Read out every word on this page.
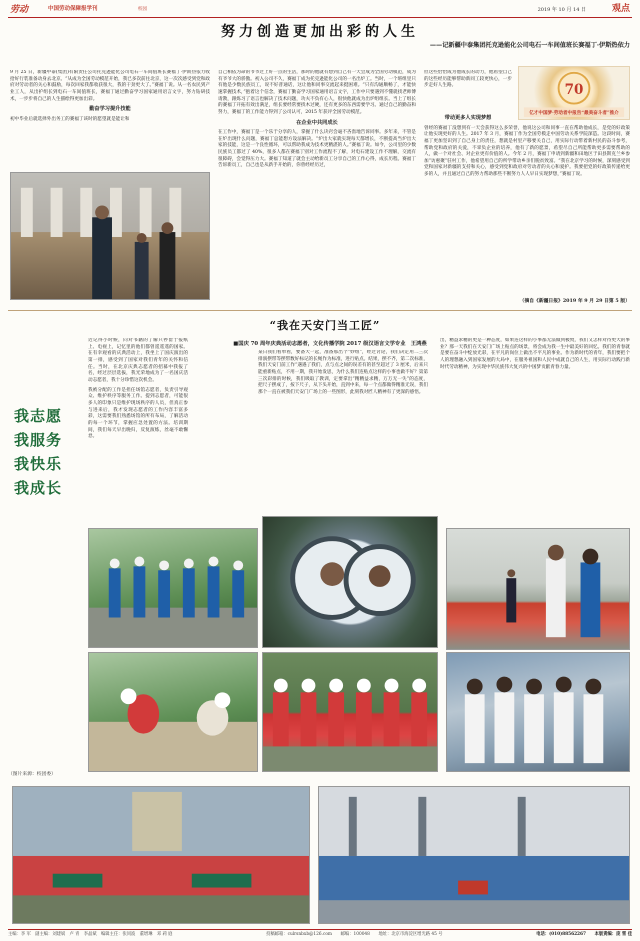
劳动	中国劳动保障报学刊	校园	2019 年 10 月 14 日	观点
努力创造更加出彩的人生
——记新疆中泰集团托克逊能化公司电石一车间值班长赛福丁·伊斯热依力

9 月 25 日，新疆中泰(集团)有限责任公司托克逊能化公司电石一车间值班长赛福丁·伊斯热依力收拾好行装准备动身去北京。“从成为全国劳动模范开始，我已多次前往北京，这一次次感受到党和政府对劳动者的关心和鼓励，每次回家我都收获很大，我的干劲更大了。”赛福丁说。从一名农民到产业工人，从出护组长到电石一车间值班长，赛福丁通过勤奋学习国家通用语言文字，努力钻研技术，一步步将自己的人生描绘得更加出彩。

勤奋学习提升技能

初中毕业后就选择外出务工的赛福丁该时的愿望就是能让和

自己相依为命的爷爷过上好一点的生活，那时的他就有想到自己有一天会成为全国劳动模范，成为有爷爷大的骄傲。初入公司不久，赛福丁成为托克逊能化公司的一名出炉工。当时，一个班组里只有他是少数民族员工，说不好普通话，这让他和同事交流起来挺困难。“只有沟通顺畅了，才能快速掌握技术，”抱着这个信念，赛福丁勤奋学习国家通用语言文字，工作中只要遇到不懂就找老师傅请教，跟炼习了语言也解决了技术问题，功夫不负有心人，很快他就成为出炉组组长。当上了组长的赛福丁开拓有效出满足，组长要经常要找木过硬，还有更多的东西需要学习。通过自己的勤奋和努力，赛福丁的工作能力得到了公司认可，2015 年获评全国劳动模范。

在企业中共同成长

在工作中，赛福丁是一个乐于分享的人，掌握了什么诀窍会毫不吝啬地告诉同事。多年来，不管是在炉出现什么问题，赛福丁总能想方设法解决。“炉出大家就实现每天都增长，不断提高当炉出大家的技能，这是一个良性循环，可以帮助我成为技术更精湛的人。”赛福丁说。如今，公司里的少数民族员工都过了 40%，很多人都在赛福丁别对工作流程不了解，对电石建设工作不理解，交流有很障碍，会觉得压力大。赛福丁知道了就会主动给新员工分享自己的工作心得，成长历程。赛福丁告诉新员工，自己也是从新手开始的，你曾经经历过，

但这些恰恰成为他成长的动力，他希望自己的这些经历能够帮助新同工较更快心，一步步走好人生路。	70
亿才中国梦·劳动者中报告“最美奋斗者”推介
带动更多人实现梦想

曾经的赛福丁没想到有一天会获得这么多荣誉，他说这公司和同事一直在帮助他成长，是党的好政策让他实现更好的人生。2017 年 3 月，赛福丁作为全国劳模走中国劳动关系学院深造。这段时间，赛福丁更加坚识到了自己身上的责任，想就是村里产移要关自己，用实际行动带着新村民的奋斗参考，帮助党和政府的关爱，不辜负企业的培养，他有了新的愿景，希望尽自己所能帮助更多需要帮助的人，做一个对社会、对企业更有价值的人。今年 2 月，赛福丁申请到新疆和田地区于田县斯克兰乡参加“访惠聚”驻村工作，他希望用自己的所学带动乡亲们脱贫致富。“我在北京学习的时候，深刻感受到党和国家对新疆的支持和关心，感受到党和政府对劳动者的关心和爱护。我要把党的好政策传递给更多的人，并且通过自己的努力帮助那些不断努力人人早日实现梦想，”赛福丁说。

（摘自《新疆日报》2019 年 9 月 29 日第 5 版）
“我在天安门当工匠”
■国庆 70 周年庆典活动志愿者，文化传播学院 2017 级汉语言文学专业　王鸿燕

近记得小时候，向对书籍的了解只停留于报纸上、电视上，记忆里的他们都曾遥遥遥的国家。在有幸观看的庆典活动上，我坐上了国庆演出的第一排，感受到了国家对我们青年的关怀和信任。当时，在北京庆典志愿者的招募中我报了名，经过层层选拔，我光荣地成为了一名国庆活动志愿者，我十分珍惜这次机会。

我被分配的工作是担任场馆志愿者，负责引导观众、维护秩序等服务工作。提到志愿者，可能很多人的印象只是维护现场秩序的人员，但真正参与进来后，我才发现志愿者的工作内容丰富多彩，这需要我们熟悉场馆的所有布局，了解活动的每一个环节，掌握应急处置的方法。培训期间，我们每天早出晚归，反复演练，丝毫不敢懈怠。

某日我们看单看，要备大一起，准备那出个“妙组”，经过讨论，我们决定用二三次排演摆带等摆带数好标记的长绳作为标准，进行贴点。结果，摆不齐，第二次标准，我们天安门前工作“遇遇了我们，点与点之间的误差有的甚至超过了 3 厘米，后来只能重新贴点，不用一期，我开始发思，为什么我们连贴点这样的小事也做不好？第第三次彩排的时候，我们吸取了教训，定要拿出“精精益求精，万万无一失”的态度，把尺子摆成了，按下尺子，从下头开始，直到中来，每一个点都做得精准无误，我们那个一直在被我们天安门广场上的一些图形，此刻我对匠人精神有了更深的感悟。

出，精益求精的更是一种态度，如果连这样的小事都无法做到极致，我们又怎样对待更大的事业？那一天我们在天安门广场上贴点的场景，将会成为我一生中最美好的回忆。我们的青春就是要在奋斗中绽放光彩，在平凡的岗位上做出不平凡的事业。作为新时代的青年，我们要把个人的理想融入到国家发展的大局中，在服务祖国和人民中成就自己的人生，用实际行动践行新时代劳动精神，为实现中华民族伟大复兴的中国梦贡献青春力量。

我志愿
我服务
我快乐
我成长
（图片来源：校团委）
主编：李 军　副主编：刘建斌　卢 青　李晶斌　编辑主任：张同波　董增琳　邓 莉 庭	投稿邮箱：culrsnbxb@126.com　　邮编：100048　　地址：北京市海淀区增光路 45 号	电话：(010)88562267　　本版责编：庞 雪 佳
